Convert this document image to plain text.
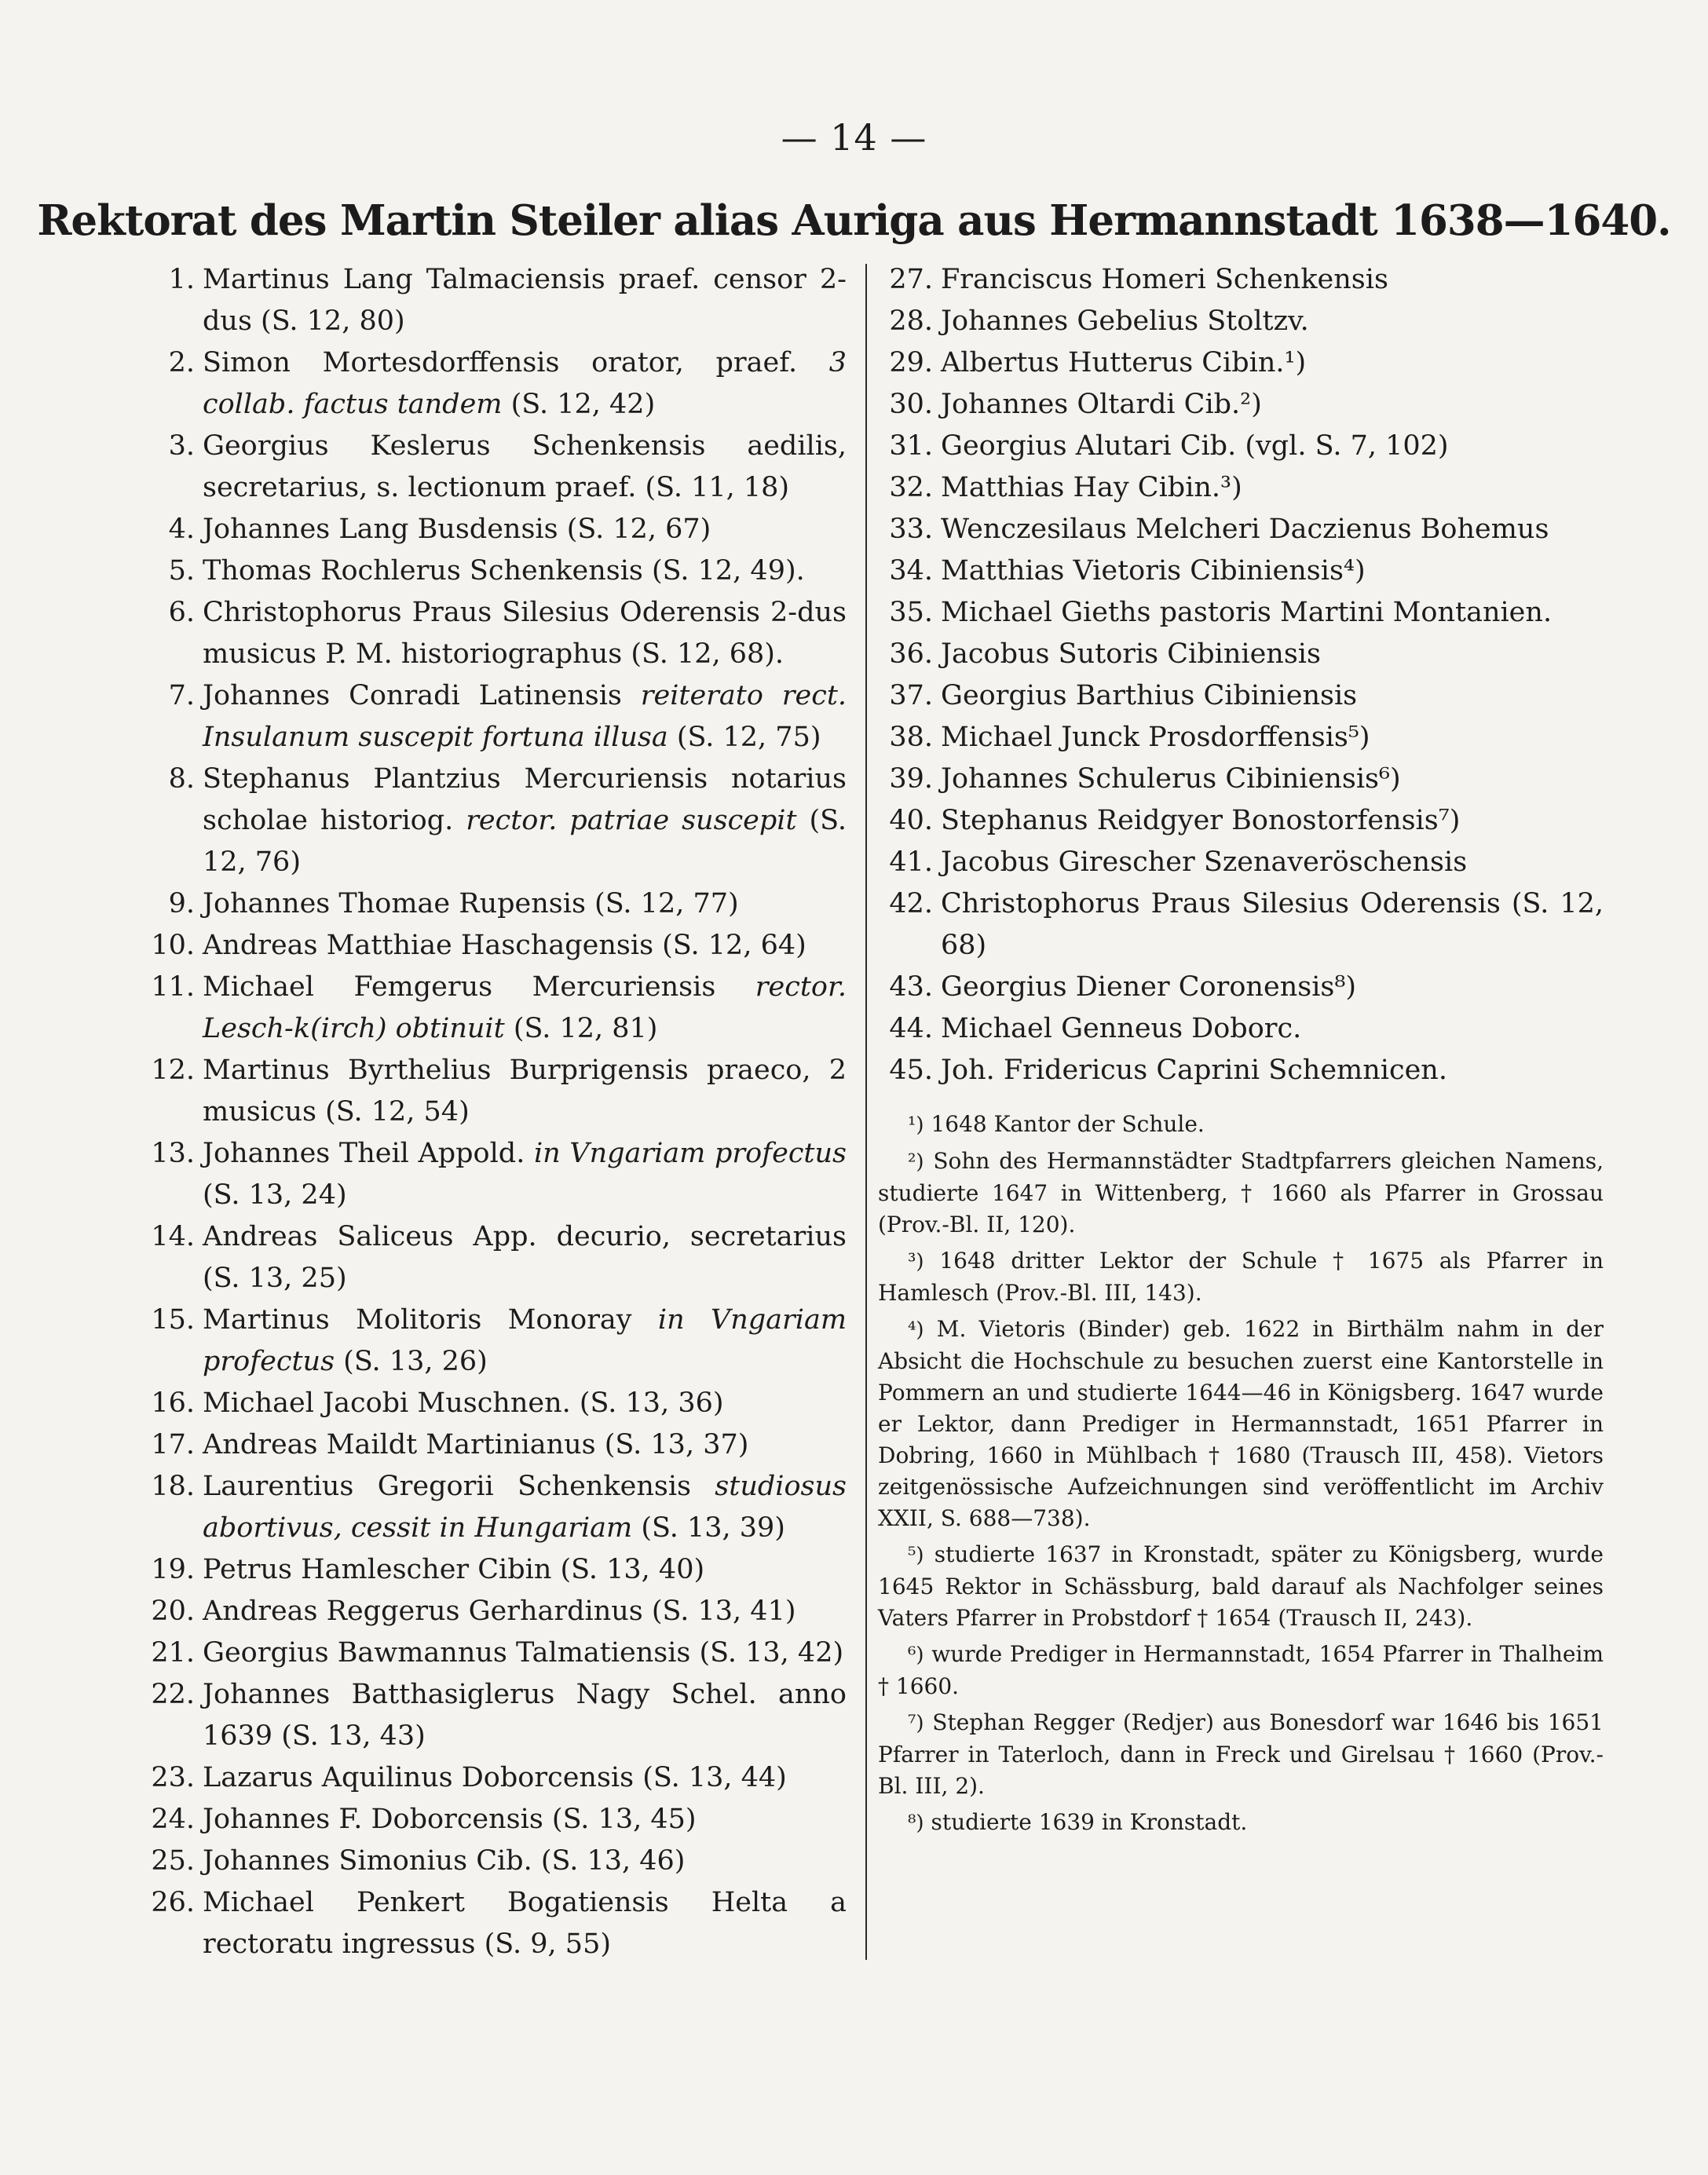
— 14 —
Rektorat des Martin Steiler alias Auriga aus Hermannstadt 1638—1640.
1. Martinus Lang Talmaciensis praef. censor 2-dus (S. 12, 80)
2. Simon Mortesdorffensis orator, praef. 3 collab. factus tandem (S. 12, 42)
3. Georgius Keslerus Schenkensis aedilis, secretarius, s. lectionum praef. (S. 11, 18)
4. Johannes Lang Busdensis (S. 12, 67)
5. Thomas Rochlerus Schenkensis (S. 12, 49).
6. Christophorus Praus Silesius Oderensis 2-dus musicus P. M. historiographus (S. 12, 68).
7. Johannes Conradi Latinensis reiterato rect. Insulanum suscepit fortuna illusa (S. 12, 75)
8. Stephanus Plantzius Mercuriensis notarius scholae historiog. rector. patriae suscepit (S. 12, 76)
9. Johannes Thomae Rupensis (S. 12, 77)
10. Andreas Matthiae Haschagensis (S. 12, 64)
11. Michael Femgerus Mercuriensis rector. Lesch-k(irch) obtinuit (S. 12, 81)
12. Martinus Byrthelius Burprigensis praeco, 2 musicus (S. 12, 54)
13. Johannes Theil Appold. in Vngariam profectus (S. 13, 24)
14. Andreas Saliceus App. decurio, secretarius (S. 13, 25)
15. Martinus Molitoris Monoray in Vngariam profectus (S. 13, 26)
16. Michael Jacobi Muschnen. (S. 13, 36)
17. Andreas Maildt Martinianus (S. 13, 37)
18. Laurentius Gregorii Schenkensis studiosus abortivus, cessit in Hungariam (S. 13, 39)
19. Petrus Hamlescher Cibin (S. 13, 40)
20. Andreas Reggerus Gerhardinus (S. 13, 41)
21. Georgius Bawmannus Talmatiensis (S. 13, 42)
22. Johannes Batthasiglerus Nagy Schel. anno 1639 (S. 13, 43)
23. Lazarus Aquilinus Doborcensis (S. 13, 44)
24. Johannes F. Doborcensis (S. 13, 45)
25. Johannes Simonius Cib. (S. 13, 46)
26. Michael Penkert Bogatiensis Helta a rectoratu ingressus (S. 9, 55)
27. Franciscus Homeri Schenkensis
28. Johannes Gebelius Stoltzv.
29. Albertus Hutterus Cibin.¹)
30. Johannes Oltardi Cib.²)
31. Georgius Alutari Cib. (vgl. S. 7, 102)
32. Matthias Hay Cibin.³)
33. Wenczesilaus Melcheri Daczienus Bohemus
34. Matthias Vietoris Cibiniensis⁴)
35. Michael Gieths pastoris Martini Montanien.
36. Jacobus Sutoris Cibiniensis
37. Georgius Barthius Cibiniensis
38. Michael Junck Prosdorffensis⁵)
39. Johannes Schulerus Cibiniensis⁶)
40. Stephanus Reidgyer Bonostorfensis⁷)
41. Jacobus Girescher Szenaveröschensis
42. Christophorus Praus Silesius Oderensis (S. 12, 68)
43. Georgius Diener Coronensis⁸)
44. Michael Genneus Doborc.
45. Joh. Fridericus Caprini Schemnicen.
¹) 1648 Kantor der Schule.
²) Sohn des Hermannstädter Stadtpfarrers gleichen Namens, studierte 1647 in Wittenberg, † 1660 als Pfarrer in Grossau (Prov.-Bl. II, 120).
³) 1648 dritter Lektor der Schule † 1675 als Pfarrer in Hamlesch (Prov.-Bl. III, 143).
⁴) M. Vietoris (Binder) geb. 1622 in Birthälm nahm in der Absicht die Hochschule zu besuchen zuerst eine Kantorstelle in Pommern an und studierte 1644—46 in Königsberg. 1647 wurde er Lektor, dann Prediger in Hermannstadt, 1651 Pfarrer in Dobring, 1660 in Mühlbach † 1680 (Trausch III, 458). Vietors zeitgenössische Aufzeichnungen sind veröffentlicht im Archiv XXII, S. 688—738).
⁵) studierte 1637 in Kronstadt, später zu Königsberg, wurde 1645 Rektor in Schässburg, bald darauf als Nachfolger seines Vaters Pfarrer in Probstdorf † 1654 (Trausch II, 243).
⁶) wurde Prediger in Hermannstadt, 1654 Pfarrer in Thalheim † 1660.
⁷) Stephan Regger (Redjer) aus Bonesdorf war 1646 bis 1651 Pfarrer in Taterloch, dann in Freck und Girelsau † 1660 (Prov.-Bl. III, 2).
⁸) studierte 1639 in Kronstadt.
